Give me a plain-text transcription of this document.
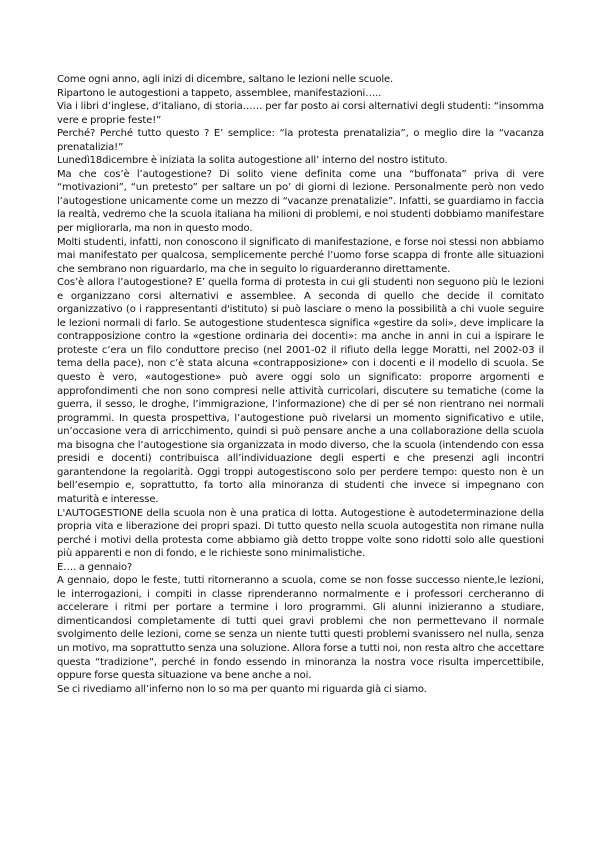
Come ogni anno, agli inizi di dicembre, saltano le lezioni nelle scuole.

Ripartono le autogestioni a tappeto, assemblee, manifestazioni…..

Via i libri d’inglese, d’italiano, di storia…… per far posto ai corsi alternativi degli studenti: “insomma vere e proprie feste!”

Perché? Perché tutto questo ? E’ semplice: “la protesta prenatalizia”, o meglio dire la “vacanza prenatalizia!”

Lunedì18dicembre è iniziata la solita autogestione all’ interno del nostro istituto.

Ma che cos’è l’autogestione? Di solito viene definita come una “buffonata” priva di vere “motivazioni”, “un pretesto” per saltare un po’ di giorni di lezione. Personalmente però non vedo l’autogestione unicamente come un mezzo di “vacanze prenatalizie”. Infatti, se guardiamo in faccia la realtà, vedremo che la scuola italiana ha milioni di problemi, e noi studenti dobbiamo manifestare per migliorarla, ma non in questo modo.

Molti studenti, infatti, non conoscono il significato di manifestazione, e forse noi stessi non abbiamo mai manifestato per qualcosa, semplicemente perché l’uomo forse scappa di fronte alle situazioni che sembrano non riguardarlo, ma che in seguito lo riguarderanno direttamente.

Cos’è allora l’autogestione? E’ quella forma di protesta in cui gli studenti non seguono più le lezioni e organizzano corsi alternativi e assemblee. A seconda di quello che decide il comitato organizzativo (o i rappresentanti d'istituto) si può lasciare o meno la possibilità a chi vuole seguire le lezioni normali di farlo. Se autogestione studentesca significa «gestire da soli», deve implicare la contrapposizione contro la «gestione ordinaria dei docenti»: ma anche in anni in cui a ispirare le proteste c’era un filo conduttore preciso (nel 2001-02 il rifiuto della legge Moratti, nel 2002-03 il tema della pace), non c’è stata alcuna «contrapposizione» con i docenti e il modello di scuola. Se questo è vero, «autogestione» può avere oggi solo un significato: proporre argomenti e approfondimenti che non sono compresi nelle attività curricolari, discutere su tematiche (come la guerra, il sesso, le droghe, l’immigrazione, l’informazione) che di per sé non rientrano nei normali programmi. In questa prospettiva, l’autogestione può rivelarsi un momento significativo e utile, un’occasione vera di arricchimento, quindi si può pensare anche a una collaborazione della scuola ma bisogna che l’autogestione sia organizzata in modo diverso, che la scuola (intendendo con essa presidi e docenti) contribuisca all’individuazione degli esperti e che presenzi agli incontri garantendone la regolarità. Oggi troppi autogestiscono solo per perdere tempo: questo non è un bell’esempio e, soprattutto, fa torto alla minoranza di studenti che invece si impegnano con maturità e interesse.

L'AUTOGESTIONE della scuola non è una pratica di lotta. Autogestione è autodeterminazione della propria vita e liberazione dei propri spazi. Di tutto questo nella scuola autogestita non rimane nulla perché i motivi della protesta come abbiamo già detto troppe volte sono ridotti solo alle questioni più apparenti e non di fondo, e le richieste sono minimalistiche.

E…. a gennaio?

A gennaio, dopo le feste, tutti ritorneranno a scuola, come se non fosse successo niente,le lezioni, le interrogazioni, i compiti in classe riprenderanno normalmente e i professori cercheranno di accelerare i ritmi per portare a termine i loro programmi. Gli alunni inizieranno a studiare, dimenticandosi completamente di tutti quei gravi problemi che non permettevano il normale svolgimento delle lezioni, come se senza un niente tutti questi problemi svanissero nel nulla, senza un motivo, ma soprattutto senza una soluzione. Allora forse a tutti noi, non resta altro che accettare questa “tradizione”, perché in fondo essendo in minoranza la nostra voce risulta impercettibile, oppure forse questa situazione va bene anche a noi.

Se ci rivediamo all’inferno non lo so ma per quanto mi riguarda già ci siamo.
